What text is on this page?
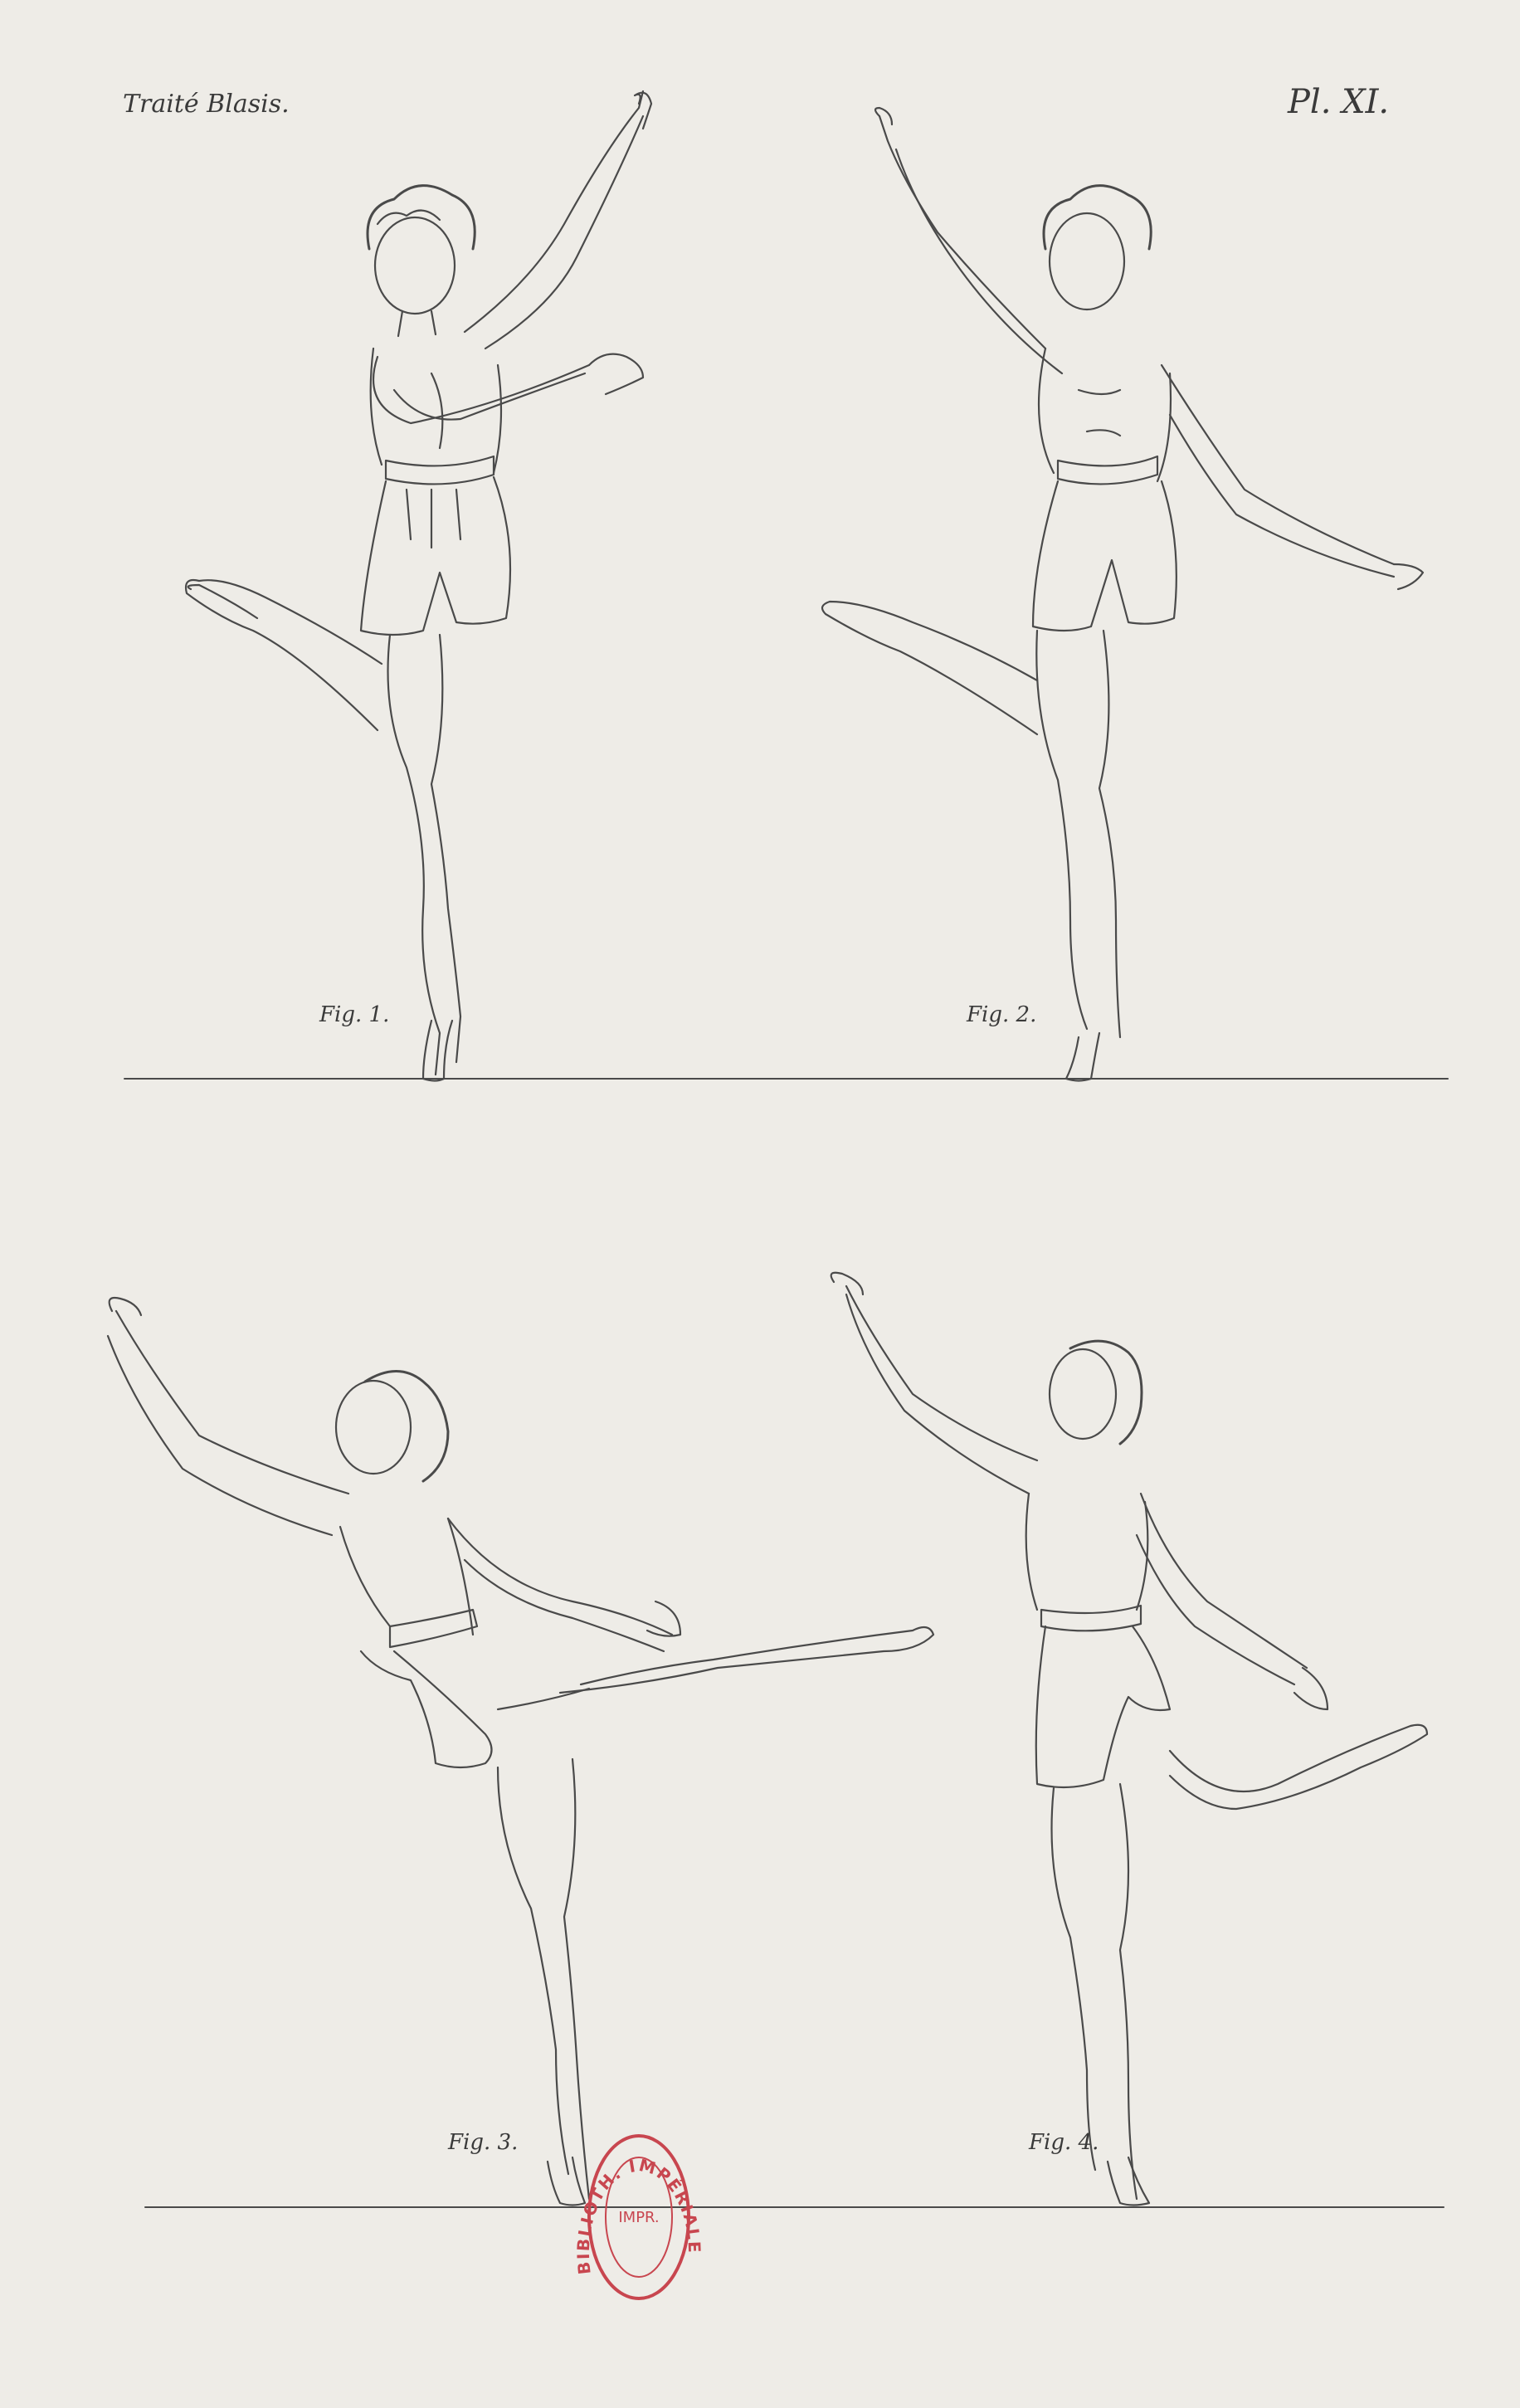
Traité Blasis.	Pl. XI.
BIBLIOTH. IMPÉRIALE
IMPR.
Fig. 1.	Fig. 2.
Fig. 3.	Fig. 4.
